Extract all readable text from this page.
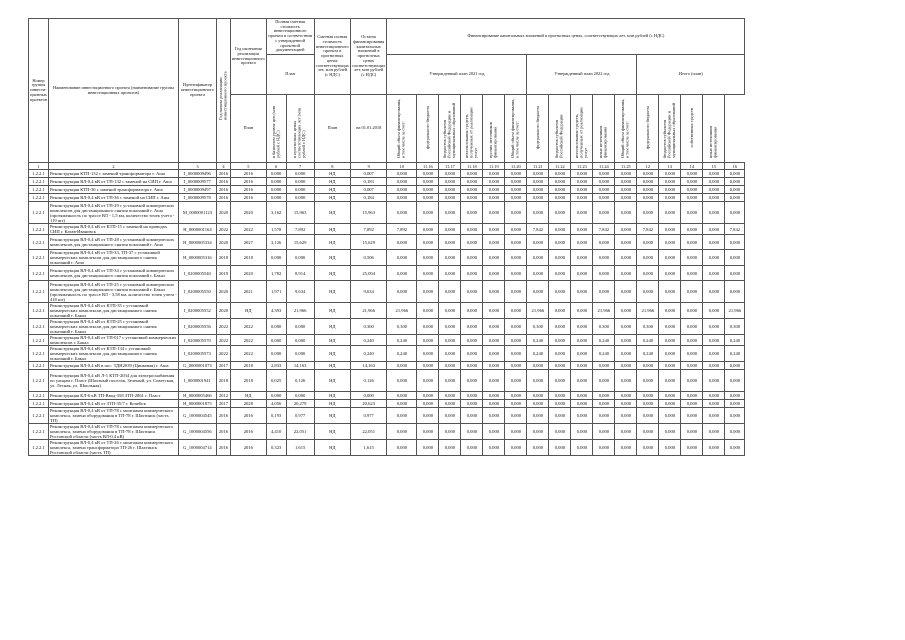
Номер группы инвести-ционных проектов	Наименование инвестиционного проекта (наименование группы инвестиционных проектов)	Идентификатор инвестиционного проекта	Год начала реализации инвестиционного проекта	Год окончания реализации инвестиционного проекта	Полная сметная стоимость инвестиционного проекта в соответствии с утвержденной проектной документацией		Сметная полная стоимость инвестиционного проекта в прогнозных ценах соответствующих лет, млн рублей (с НДС)	Остаток финансирования капитальных вложений в прогнозных ценах соответствующих лет, млн рублей (с НДС)	Финансирование капитальных вложений в прогнозных ценах, соответствующих лет, млн рублей (с НДС)															
					План				Утвержденный план 2021 год						Утвержденный план 2022 год					Итого (план)				
				План	в базисном уровне цен (млн рублей с НДС)	в прогнозных ценах соответствующих лет (млн рублей с НДС)	План	на 01.01.2018	Общий объем финансирования, в том числе за счет:	федерального бюджета	бюджетов субъектов Российской Федерации и муниципальных образований	использования средств, полученных от реализации услуг	прочих источников финансирования	Общий объем финансирования, в том числе за счет:	федерального бюджета	бюджетов субъектов Российской Федерации	использования средств, полученных от реализации услуг	иных источников финансирования	Общий объем финансирования, в том числе за счет:	федерального бюджета	бюджетов субъектов Российской Федерации и муниципальных образований	собственных средств	иных источников финансирования	
1	2	3	4	5	6	7	8	9	10	11.16	11.17	11.18	11.19	11.20	11.21	11.22	11.23	11.24	11.25	12	13	14	15	16
1.2.2.1	Реконструкция КТП-132 с заменой трансформатора г. Аша	I_0000009496	2016	2016	0,000	0,000	НД	0,007	0,000	0,000	0,000	0,000	0,000	0,000	0,000	0,000	0,000	0,000	0,000	0,000	0,000	0,000	0,000	0,000
1.2.2.1	Реконструкция ВЛ-0,4 кВ от ТП-132 с заменой на СИП г. Аша	I_0000009577	2016	2016	0,000	0,000	НД	0,183	0,000	0,000	0,000	0,000	0,000	0,000	0,000	0,000	0,000	0,000	0,000	0,000	0,000	0,000	0,000	0,000
1.2.2.1	Реконструкция КТП-36 с заменой трансформатора г. Аша	I_0000009497	2016	2016	0,000	0,000	НД	0,007	0,000	0,000	0,000	0,000	0,000	0,000	0,000	0,000	0,000	0,000	0,000	0,000	0,000	0,000	0,000	0,000
1.2.2.1	Реконструкция ВЛ-0,4 кВ от ТП-36 с заменой на СИП г. Аша	I_0000009578	2016	2016	0,000	0,000	НД	0,184	0,000	0,000	0,000	0,000	0,000	0,000	0,000	0,000	0,000	0,000	0,000	0,000	0,000	0,000	0,000	0,000
1.2.2.1	Реконструкция ВЛ-0,4 кВ от ТП-29 с установкой коммерческих комплексов для дистанционного снятия показаний г. Аша (протяженность по трассе ВЛ - 1,5 км, количество точек учета - 119 шт)	М_0000001123	2020	2020	3,162	15,963	НД	15,963	0,000	0,000	0,000	0,000	0,000	0,000	0,000	0,000	0,000	0,000	0,000	0,000	0,000	0,000	0,000	0,000
1.2.2.1	Реконструкция ВЛ-0,4 кВ от КТП-15 с заменой на проводах СИП г. Катав-Ивановск	Н_0000001164	2022	2022	1,578	7,892	НД	7,892	7,892	0,000	0,000	0,000	0,000	0,000	7,842	0,000	0,000	7,842	0,000	7,842	0,000	0,000	0,000	7,842
1.2.2.1	Реконструкция ВЛ-0,4 кВ от ТП-28 с установкой коммерческих комплексов для дистанционного снятия показаний г. Аша	Н_0000005334	2020	2027	3,126	15,629	НД	15,629	0,000	0,000	0,000	0,000	0,000	0,000	0,000	0,000	0,000	0,000	0,000	0,000	0,000	0,000	0,000	0,000
1.2.2.1	Реконструкция ВЛ-0,4 кВ от ТП-33, ТП-37 с установкой коммерческих комплексов для дистанционного снятия показаний г. Аша	Н_0000005316	2018	2018	0,000	0,000	НД	0,506	0,000	0,000	0,000	0,000	0,000	0,000	0,000	0,000	0,000	0,000	0,000	0,000	0,000	0,000	0,000	0,000
1.2.2.1	Реконструкция ВЛ-0,4 кВ от ТП-34 с установкой коммерческих комплексов для дистанционного снятия показаний г. Бакал	I_0200005540	2019	2020	1,782	8,914	НД	25,094	0,000	0,000	0,000	0,000	0,000	0,000	0,000	0,000	0,000	0,000	0,000	0,000	0,000	0,000	0,000	0,000
1.2.2.1	Реконструкция ВЛ-0,4 кВ от ТП-25 с установкой коммерческих комплексов для дистанционного снятия показаний г. Бакал (протяженность по трассе ВЛ - 3,58 км, количество точек учета - 418 шт)	I_0200005550	2020	2021	1,971	9,634	НД	9,634	0,000	0,000	0,000	0,000	0,000	0,000	0,000	0,000	0,000	0,000	0,000	0,000	0,000	0,000	0,000	0,000
1.2.2.1	Реконструкция ВЛ-0,4 кВ от КТП-35 с установкой коммерческих комплексов для дистанционного снятия показаний г. Бакал	I_0200005552	2020	НД	4,393	21,966	НД	21,966	21,966	0,000	0,000	0,000	0,000	0,000	21,966	0,000	0,000	21,966	0,000	21,966	0,000	0,000	0,000	21,966
1.2.2.1	Реконструкция ВЛ-0,4 кВ от КТП-25 с установкой коммерческих комплексов для дистанционного снятия показаний г. Бакал	I_0200005556	2022	2022	0,000	0,000	НД	0,300	0,300	0,000	0,000	0,000	0,000	0,000	0,300	0,000	0,000	0,300	0,000	0,300	0,000	0,000	0,000	0,300
1.2.2.1	Реконструкция ВЛ-0,4 кВ от ТП-017 с установкой коммерческих комплексов г. Бакал	I_0200005570	2022	2022	0,000	0,000	НД	0,240	0,240	0,000	0,000	0,000	0,000	0,000	0,240	0,000	0,000	0,240	0,000	0,240	0,000	0,000	0,000	0,240
1.2.2.1	Реконструкция ВЛ-0,4 кВ от КТП-134 с установкой коммерческих комплексов для дистанционного снятия показаний г. Бакал	I_0200005573	2022	2022	0,000	0,000	НД	0,240	0,240	0,000	0,000	0,000	0,000	0,000	0,240	0,000	0,000	0,240	0,000	0,240	0,000	0,000	0,000	0,240
1.2.2.1	Реконструкция ВЛ-0,4 кВ в пос. ТДН2039 (Цинковая) г. Аша	G_0000001073	2017	2018	2,833	14,163	НД	14,163	0,000	0,000	0,000	0,000	0,000	0,000	0,000	0,000	0,000	0,000	0,000	0,000	0,000	0,000	0,000	0,000
1.2.2.1	Реконструкция ВЛ-0,4 кВ Л-1 КТП-2034 для электроснабжения по улицам г. Пласт (Шахтный поселок, Зеленый, ул. Советская, ул. Лесная, ул. Школьная)	I_0000001941	2018	2018	0,025	0,126	НД	0,126	0,000	0,000	0,000	0,000	0,000	0,000	0,000	0,000	0,000	0,000	0,000	0,000	0,000	0,000	0,000	0,000
1.2.2.1	Реконструкция КЛ-6 кВ ТП-Ввод-358 ЗТП-2861 г. Пласт	Н_0000005466	2012	НД	0,000	0,000	НД	0,000	0,000	0,000	0,000	0,000	0,000	0,000	0,000	0,000	0,000	0,000	0,000	0,000	0,000	0,000	0,000	0,000
1.2.2.1	Реконструкция ВЛ-0,4 кВ от ЗТП-35/7 г. Копейск	Н_0000001875	2017	2028	4,056	20,279	НД	20,623	0,000	0,000	0,000	0,000	0,000	0,000	0,000	0,000	0,000	0,000	0,000	0,000	0,000	0,000	0,000	0,000
1.2.2.1	Реконструкция ВЛ-0,4 кВ от ТП-78 с монтажом коммерческого комплекса, замена оборудования в ТП-78 г. Шахтинск (часть ТП)	G_1000004545	2016	2016	0,193	0,977	НД	0,977	0,000	0,000	0,000	0,000	0,000	0,000	0,000	0,000	0,000	0,000	0,000	0,000	0,000	0,000	0,000	0,000
1.2.2.1	Реконструкция ВЛ-0,4 кВ от ТП-78 с монтажом коммерческого комплекса, замена оборудования в ТП-78 г. Шахтинск Ростовской области (часть ВЛ-0,4 кВ)	G_1000004556	2016	2016	4,410	22,051	НД	22,051	0,000	0,000	0,000	0,000	0,000	0,000	0,000	0,000	0,000	0,000	0,000	0,000	0,000	0,000	0,000	0,000
1.2.2.1	Реконструкция ВЛ-0,4 кВ от ТП-26 с монтажом коммерческого комплекса, замена трансформатора ТП-26 г. Шахтинск Ростовской области (часть ТП)	G_1000004714	2016	2016	0,323	1,615	НД	1,615	0,000	0,000	0,000	0,000	0,000	0,000	0,000	0,000	0,000	0,000	0,000	0,000	0,000	0,000	0,000	0,000
